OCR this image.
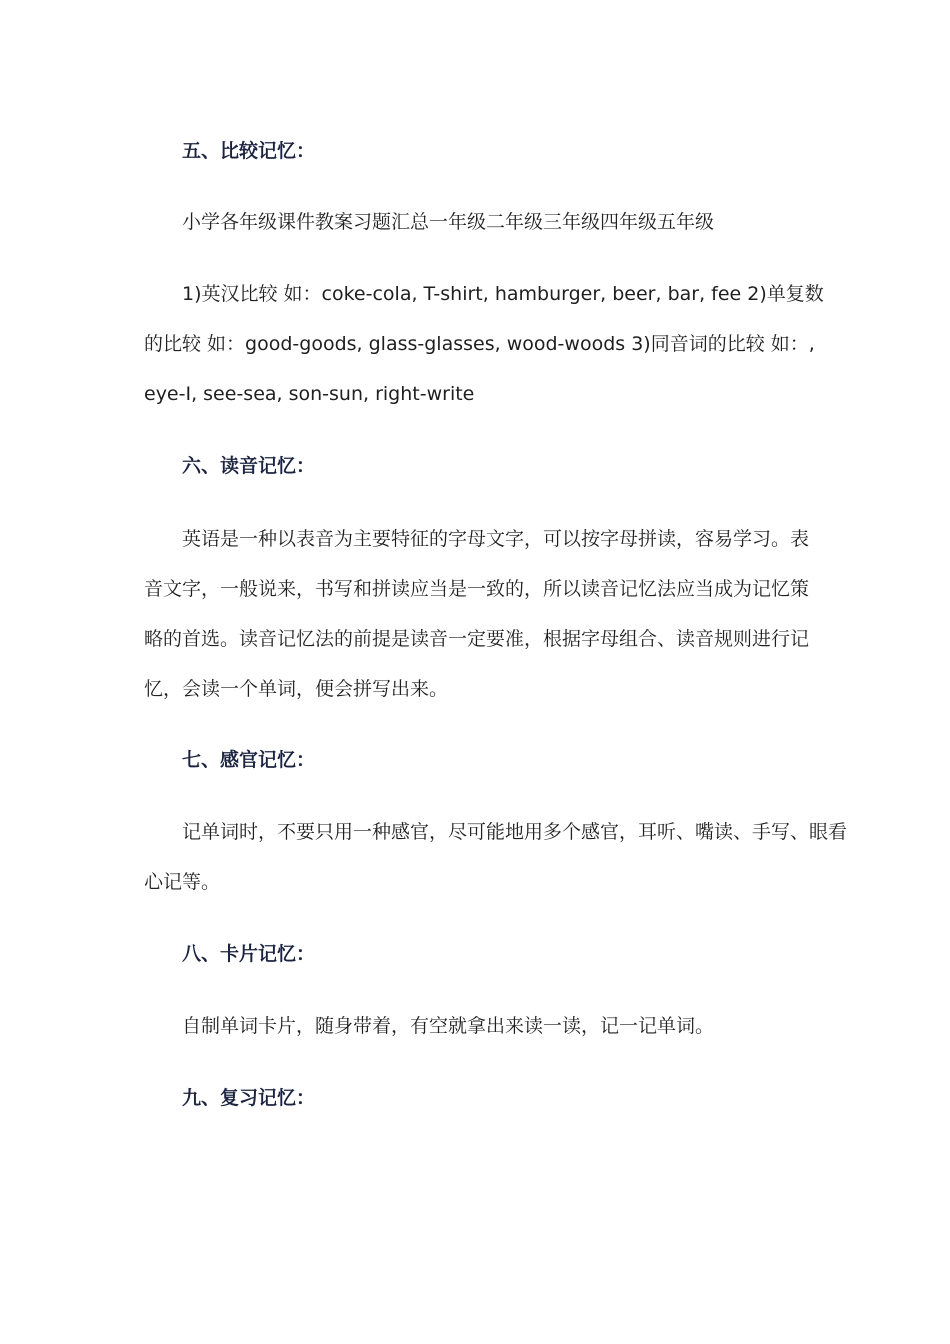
五、比较记忆：

小学各年级课件教案习题汇总一年级二年级三年级四年级五年级

1)英汉比较 如：coke-cola, T-shirt, hamburger, beer, bar, fee 2)单复数
的比较 如：good-goods, glass-glasses, wood-woods 3)同音词的比较 如：,
eye-I, see-sea, son-sun, right-write

六、读音记忆：

英语是一种以表音为主要特征的字母文字，可以按字母拼读，容易学习。表
音文字，一般说来，书写和拼读应当是一致的，所以读音记忆法应当成为记忆策
略的首选。读音记忆法的前提是读音一定要准，根据字母组合、读音规则进行记
忆，会读一个单词，便会拼写出来。

七、感官记忆：

记单词时，不要只用一种感官，尽可能地用多个感官，耳听、嘴读、手写、眼看
心记等。

八、卡片记忆：

自制单词卡片，随身带着，有空就拿出来读一读，记一记单词。

九、复习记忆：
